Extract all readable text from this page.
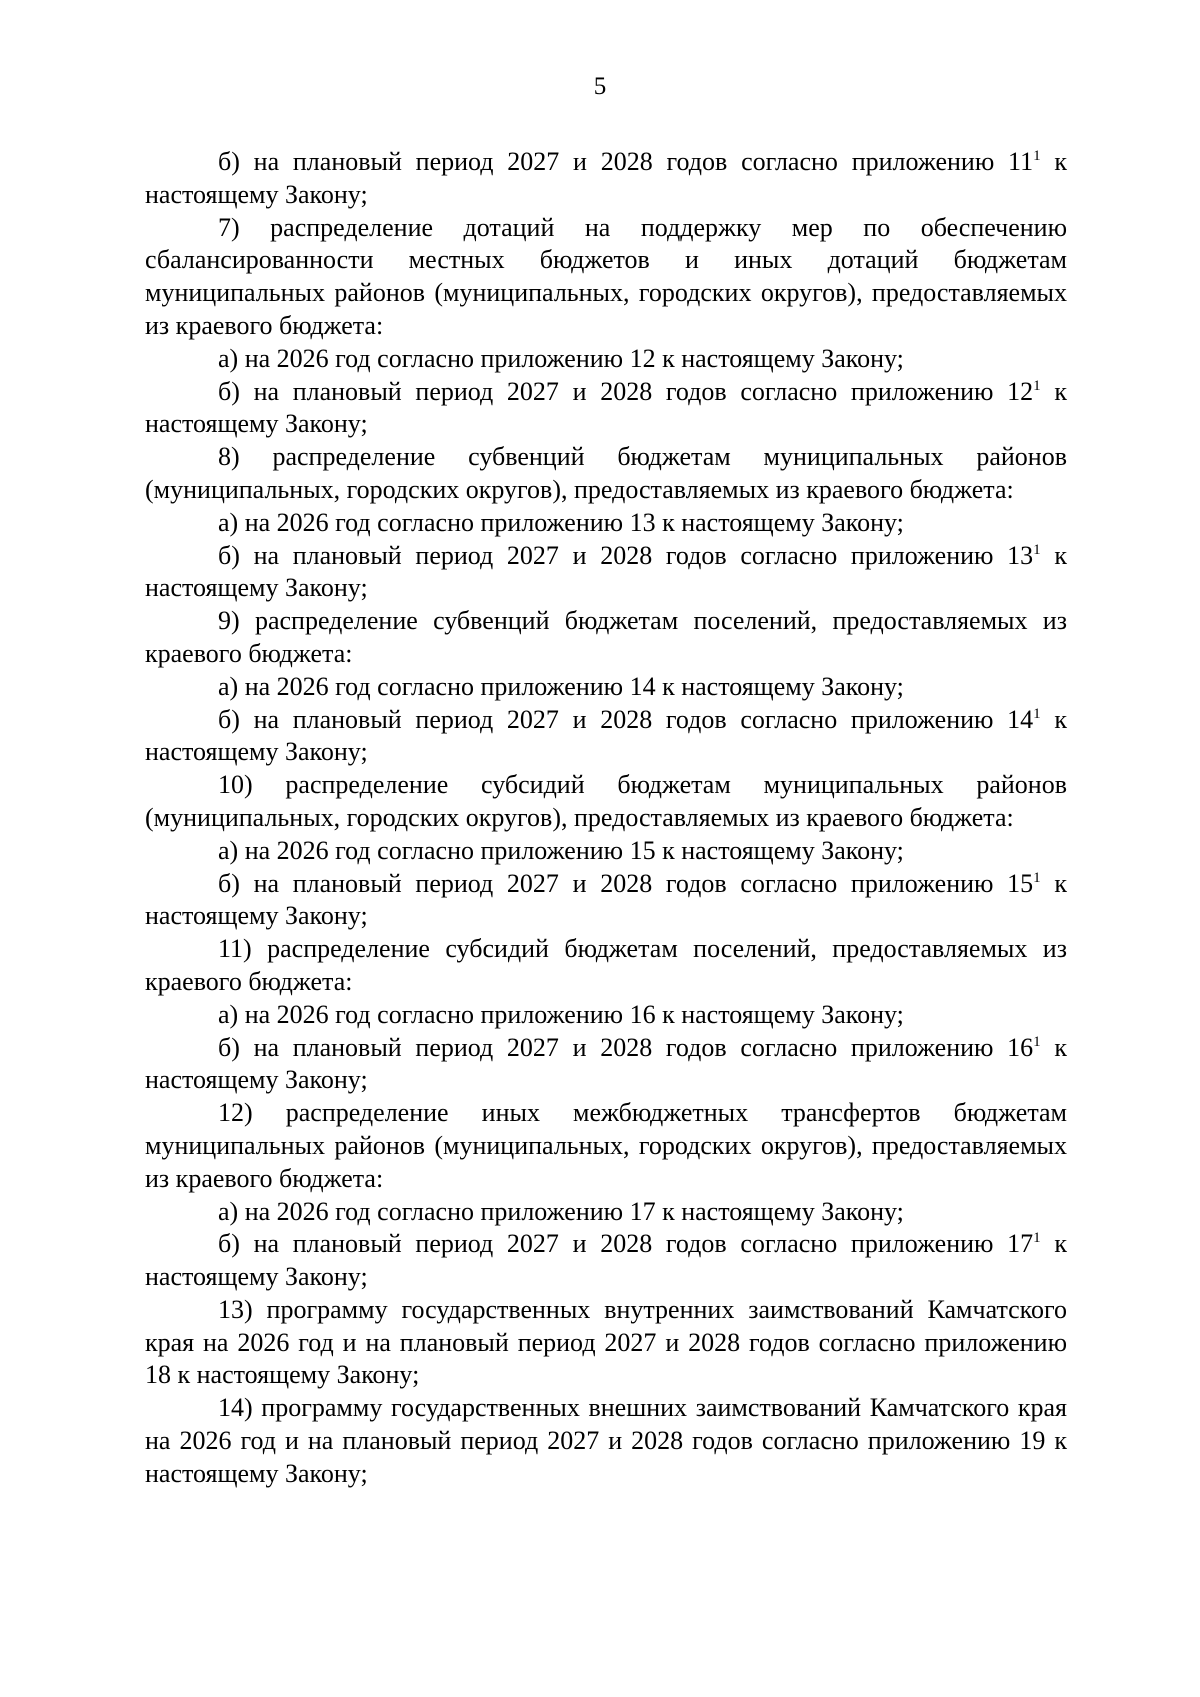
5

б) на плановый период 2027 и 2028 годов согласно приложению $11^1$ к настоящему Закону;

7) распределение дотаций на поддержку мер по обеспечению сбалансированности местных бюджетов и иных дотаций бюджетам муниципальных районов (муниципальных, городских округов), предоставляемых из краевого бюджета:

а) на 2026 год согласно приложению 12 к настоящему Закону;

б) на плановый период 2027 и 2028 годов согласно приложению $12^1$ к настоящему Закону;

8) распределение субвенций бюджетам муниципальных районов (муниципальных, городских округов), предоставляемых из краевого бюджета:

а) на 2026 год согласно приложению 13 к настоящему Закону;

б) на плановый период 2027 и 2028 годов согласно приложению $13^1$ к настоящему Закону;

9) распределение субвенций бюджетам поселений, предоставляемых из краевого бюджета:

а) на 2026 год согласно приложению 14 к настоящему Закону;

б) на плановый период 2027 и 2028 годов согласно приложению $14^1$ к настоящему Закону;

10) распределение субсидий бюджетам муниципальных районов (муниципальных, городских округов), предоставляемых из краевого бюджета:

а) на 2026 год согласно приложению 15 к настоящему Закону;

б) на плановый период 2027 и 2028 годов согласно приложению $15^1$ к настоящему Закону;

11) распределение субсидий бюджетам поселений, предоставляемых из краевого бюджета:

а) на 2026 год согласно приложению 16 к настоящему Закону;

б) на плановый период 2027 и 2028 годов согласно приложению $16^1$ к настоящему Закону;

12) распределение иных межбюджетных трансфертов бюджетам муниципальных районов (муниципальных, городских округов), предоставляемых из краевого бюджета:

а) на 2026 год согласно приложению 17 к настоящему Закону;

б) на плановый период 2027 и 2028 годов согласно приложению $17^1$ к настоящему Закону;

13) программу государственных внутренних заимствований Камчатского края на 2026 год и на плановый период 2027 и 2028 годов согласно приложению 18 к настоящему Закону;

14) программу государственных внешних заимствований Камчатского края на 2026 год и на плановый период 2027 и 2028 годов согласно приложению 19 к настоящему Закону;
